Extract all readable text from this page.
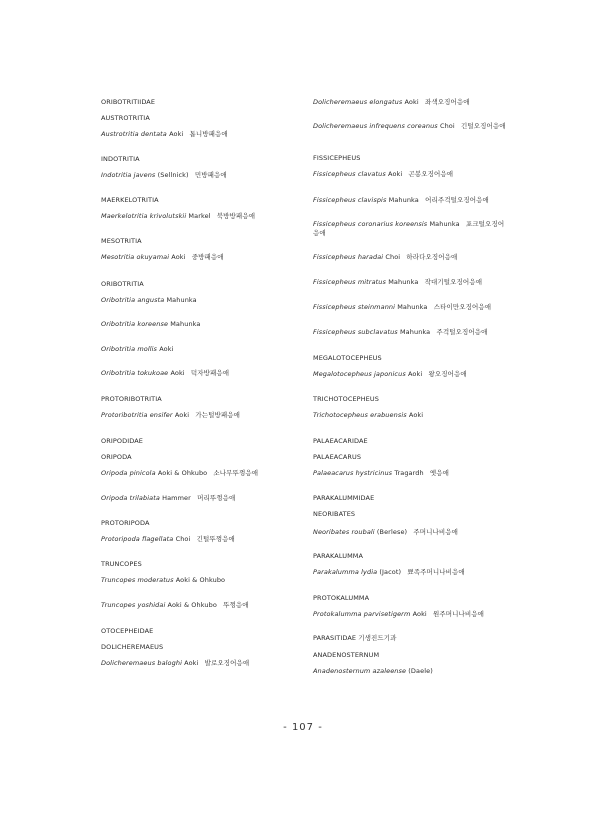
ORIBOTRITIIDAE
AUSTROTRITIA
Austrotritia dentata Aoki 톱니방패응애
INDOTRITIA
Indotritia javens (Sellnick) 민방패응애
MAERKELOTRITIA
Maerkelotritia krivolutskii Markel 북방방패응애
MESOTRITIA
Mesotritia okuyamai Aoki 중방패응애
ORIBOTRITIA
Oribotritia angusta Mahunka
Oribotritia koreense Mahunka
Oribotritia mollis Aoki
Oribotritia tokukoae Aoki 덕자방패응애
PROTORIBOTRITIA
Protoribotritia ensifer Aoki 가는털방패응애
ORIPODIDAE
ORIPODA
Oripoda pinicola Aoki & Ohkubo 소나무뚜껑응애
Oripoda trilabiata Hammer 머리뚜껑응애
PROTORIPODA
Protoripoda flagellata Choi 긴털뚜껑응애
TRUNCOPES
Truncopes moderatus Aoki & Ohkubo
Truncopes yoshidai Aoki & Ohkubo 뚜껑응애
OTOCEPHEIDAE
DOLICHEREMAEUS
Dolicheremaeus baloghi Aoki 발로오징어응애
Dolicheremaeus elongatus Aoki 좌색오징어응애
Dolicheremaeus infrequens coreanus Choi 긴털오징어응애
FISSICEPHEUS
Fissicepheus clavatus Aoki 곤봉오징어응애
Fissicepheus clavispis Mahunka 어리주걱털오징어응애
Fissicepheus coronarius koreensis Mahunka 포크털오징어응애
Fissicepheus haradai Choi 하라다오징어응애
Fissicepheus mitratus Mahunka 작대기털오징어응애
Fissicepheus steinmanni Mahunka 스타이만오징어응애
Fissicepheus subclavatus Mahunka 주걱털오징어응애
MEGALOTOCEPHEUS
Megalotocepheus japonicus Aoki 왕오징어응애
TRICHOTOCEPHEUS
Trichotocepheus erabuensis Aoki
PALAEACARIDAE
PALAEACARUS
Palaeacarus hystricinus Tragardh 옛응애
PARAKALUMMIDAE
NEORIBATES
Neoribates roubali (Berlese) 주머니나비응애
PARAKALUMMA
Parakalumma lydia (Jacot) 뾰족주머니나비응애
PROTOKALUMMA
Protokalumma parvisetigerm Aoki 원주머니나비응애
PARASITIDAE 기생진드기과
ANADENOSTERNUM
Anadenosternum azaleense (Daele)
- 107 -
